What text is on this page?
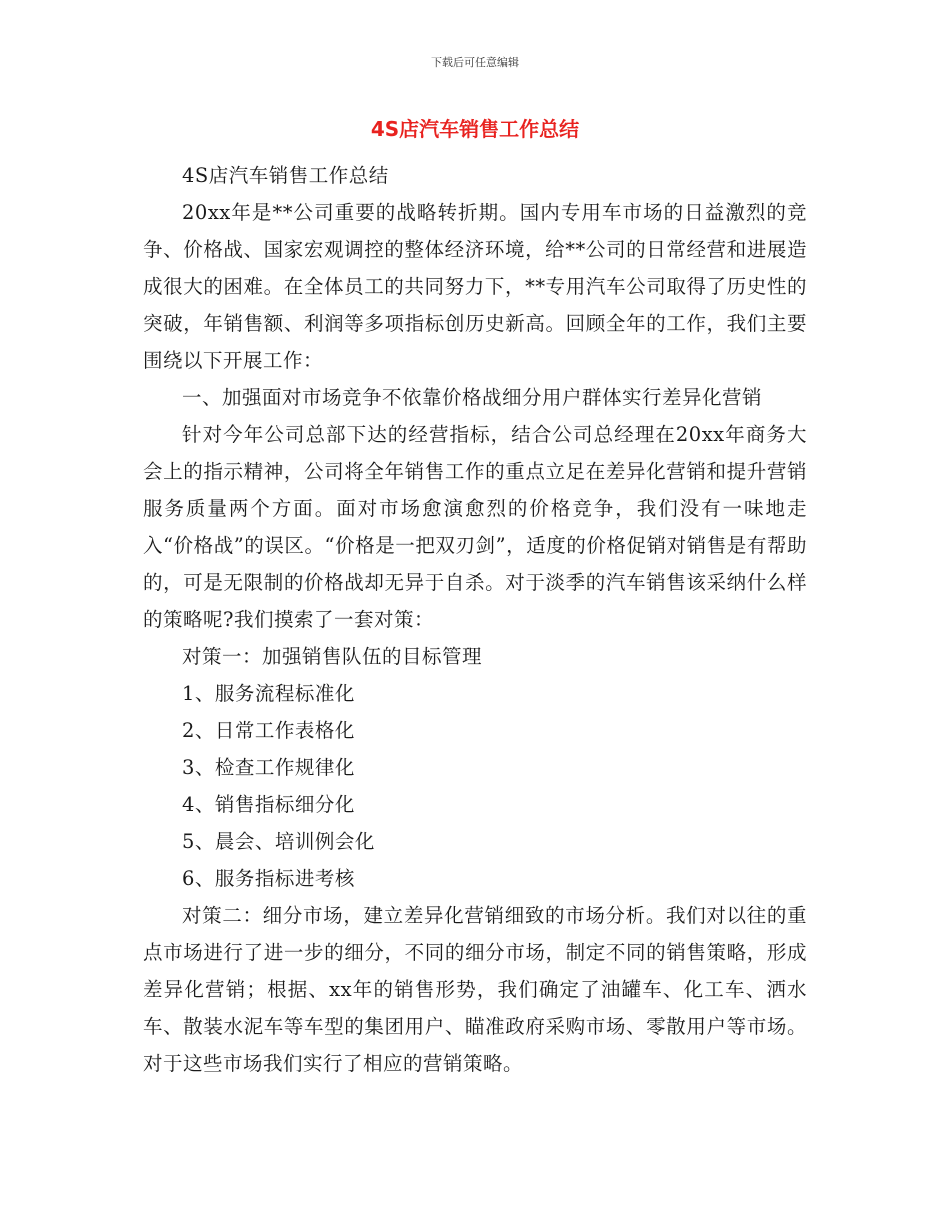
下载后可任意编辑
4S店汽车销售工作总结

4S店汽车销售工作总结

20xx年是**公司重要的战略转折期。国内专用车市场的日益激烈的竞争、价格战、国家宏观调控的整体经济环境，给**公司的日常经营和进展造成很大的困难。在全体员工的共同努力下，**专用汽车公司取得了历史性的突破，年销售额、利润等多项指标创历史新高。回顾全年的工作，我们主要围绕以下开展工作：

一、加强面对市场竞争不依靠价格战细分用户群体实行差异化营销

针对今年公司总部下达的经营指标，结合公司总经理在20xx年商务大会上的指示精神，公司将全年销售工作的重点立足在差异化营销和提升营销服务质量两个方面。面对市场愈演愈烈的价格竞争，我们没有一味地走入“价格战”的误区。“价格是一把双刃剑”，适度的价格促销对销售是有帮助的，可是无限制的价格战却无异于自杀。对于淡季的汽车销售该采纳什么样的策略呢?我们摸索了一套对策：

对策一：加强销售队伍的目标管理

1、服务流程标准化

2、日常工作表格化

3、检查工作规律化

4、销售指标细分化

5、晨会、培训例会化

6、服务指标进考核

对策二：细分市场，建立差异化营销细致的市场分析。我们对以往的重点市场进行了进一步的细分，不同的细分市场，制定不同的销售策略，形成差异化营销；根据、xx年的销售形势，我们确定了油罐车、化工车、洒水车、散装水泥车等车型的集团用户、瞄准政府采购市场、零散用户等市场。对于这些市场我们实行了相应的营销策略。
